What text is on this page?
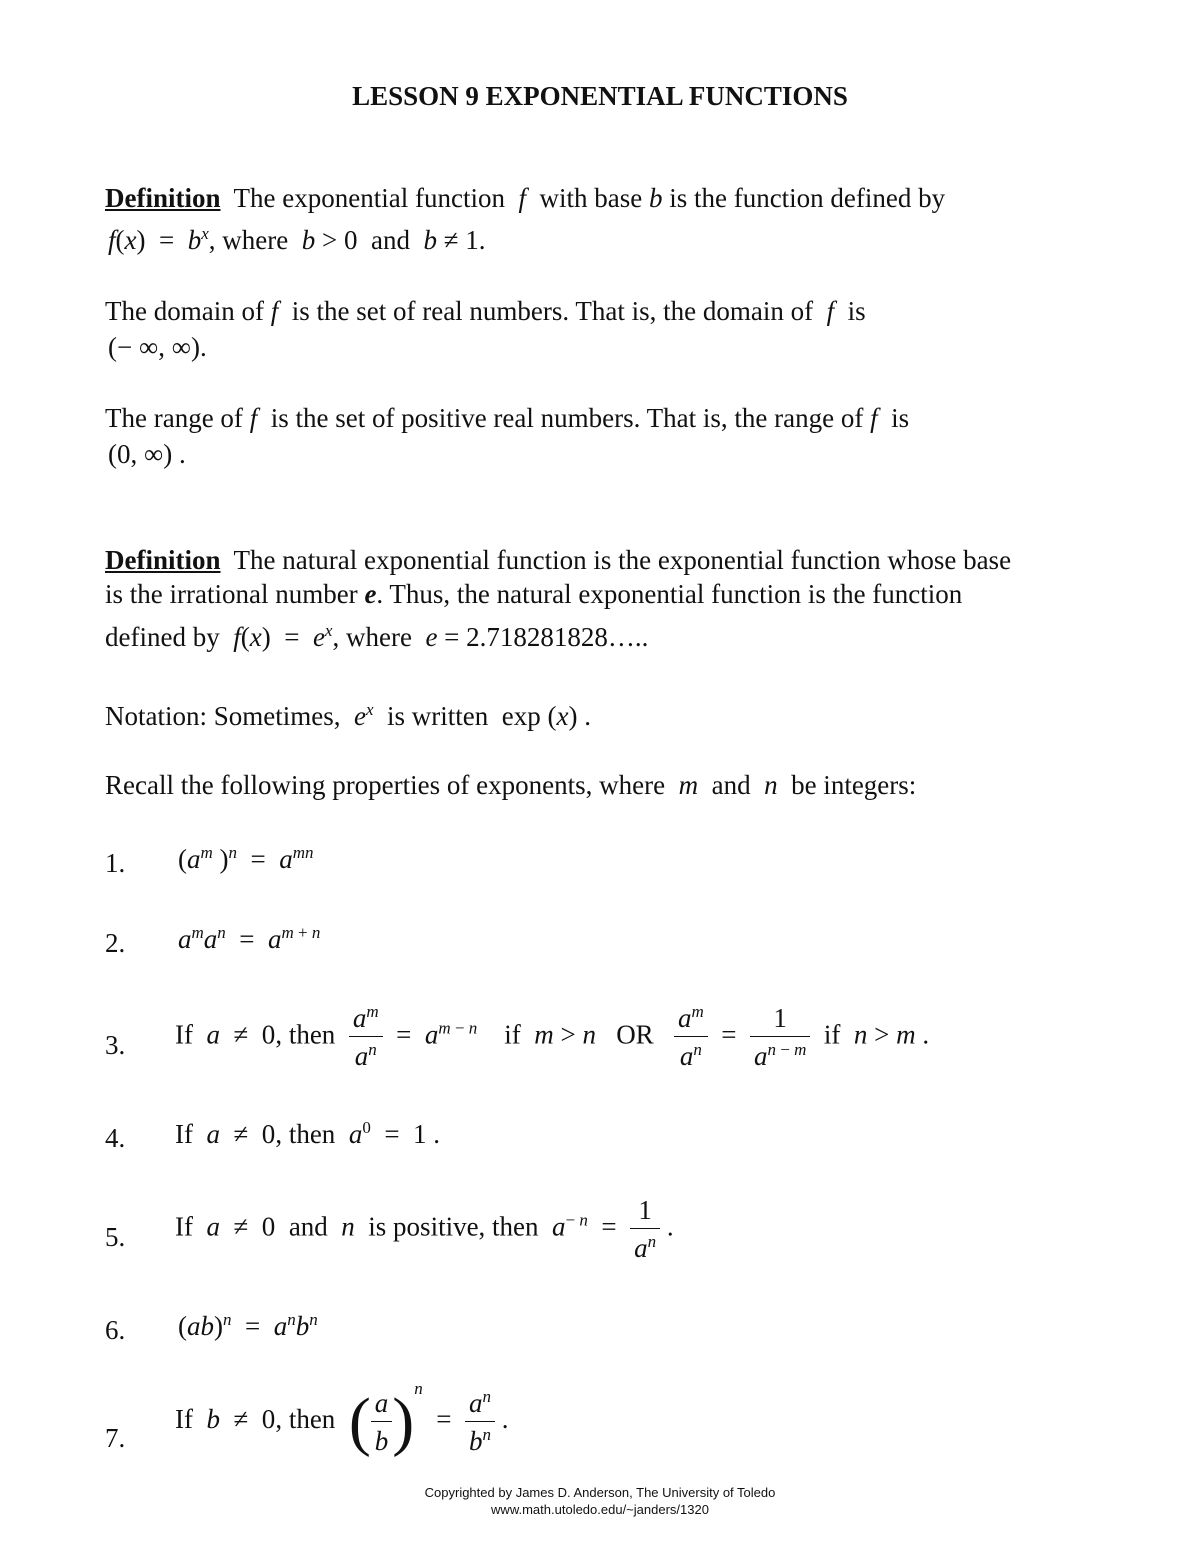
LESSON 9 EXPONENTIAL FUNCTIONS
Definition The exponential function f with base b is the function defined by
$f(x) = b^x$, where b > 0  and b ≠ 1.
The domain of f is the set of real numbers. That is, the domain of f is
(− ∞, ∞).
The range of f is the set of positive real numbers. That is, the range of f is
(0, ∞) .
Definition The natural exponential function is the exponential function whose base
is the irrational number e. Thus, the natural exponential function is the function
defined by $f(x) = e^x$, where e = 2.718281828…..
Notation: Sometimes, $e^x$ is written exp (x) .
Recall the following properties of exponents, where m and n be integers:
1. ($a^m$ )$^n = a^{mn}$
2. $a^ma^n = a^{m + n}$
3. If a  ≠  0, then $\frac{a^m}{a^n} = a^{m - n}$ if m > n OR $\frac{a^m}{a^n} = \frac{1}{a^{n - m}}$ if n > m .
4. If a  ≠  0, then $a^0 = 1$ .
5. If a  ≠  0  and n is positive, then $a^{- n} = \frac{1}{a^n}$ .
6. $(ab)^n = a^nb^n$
7.
If b  ≠  0, then ( $\frac{a}{b} )^n = \frac{a^n}{b^n}$ .
Copyrighted by James D. Anderson, The University of Toledo
www.math.utoledo.edu/~janders/1320
